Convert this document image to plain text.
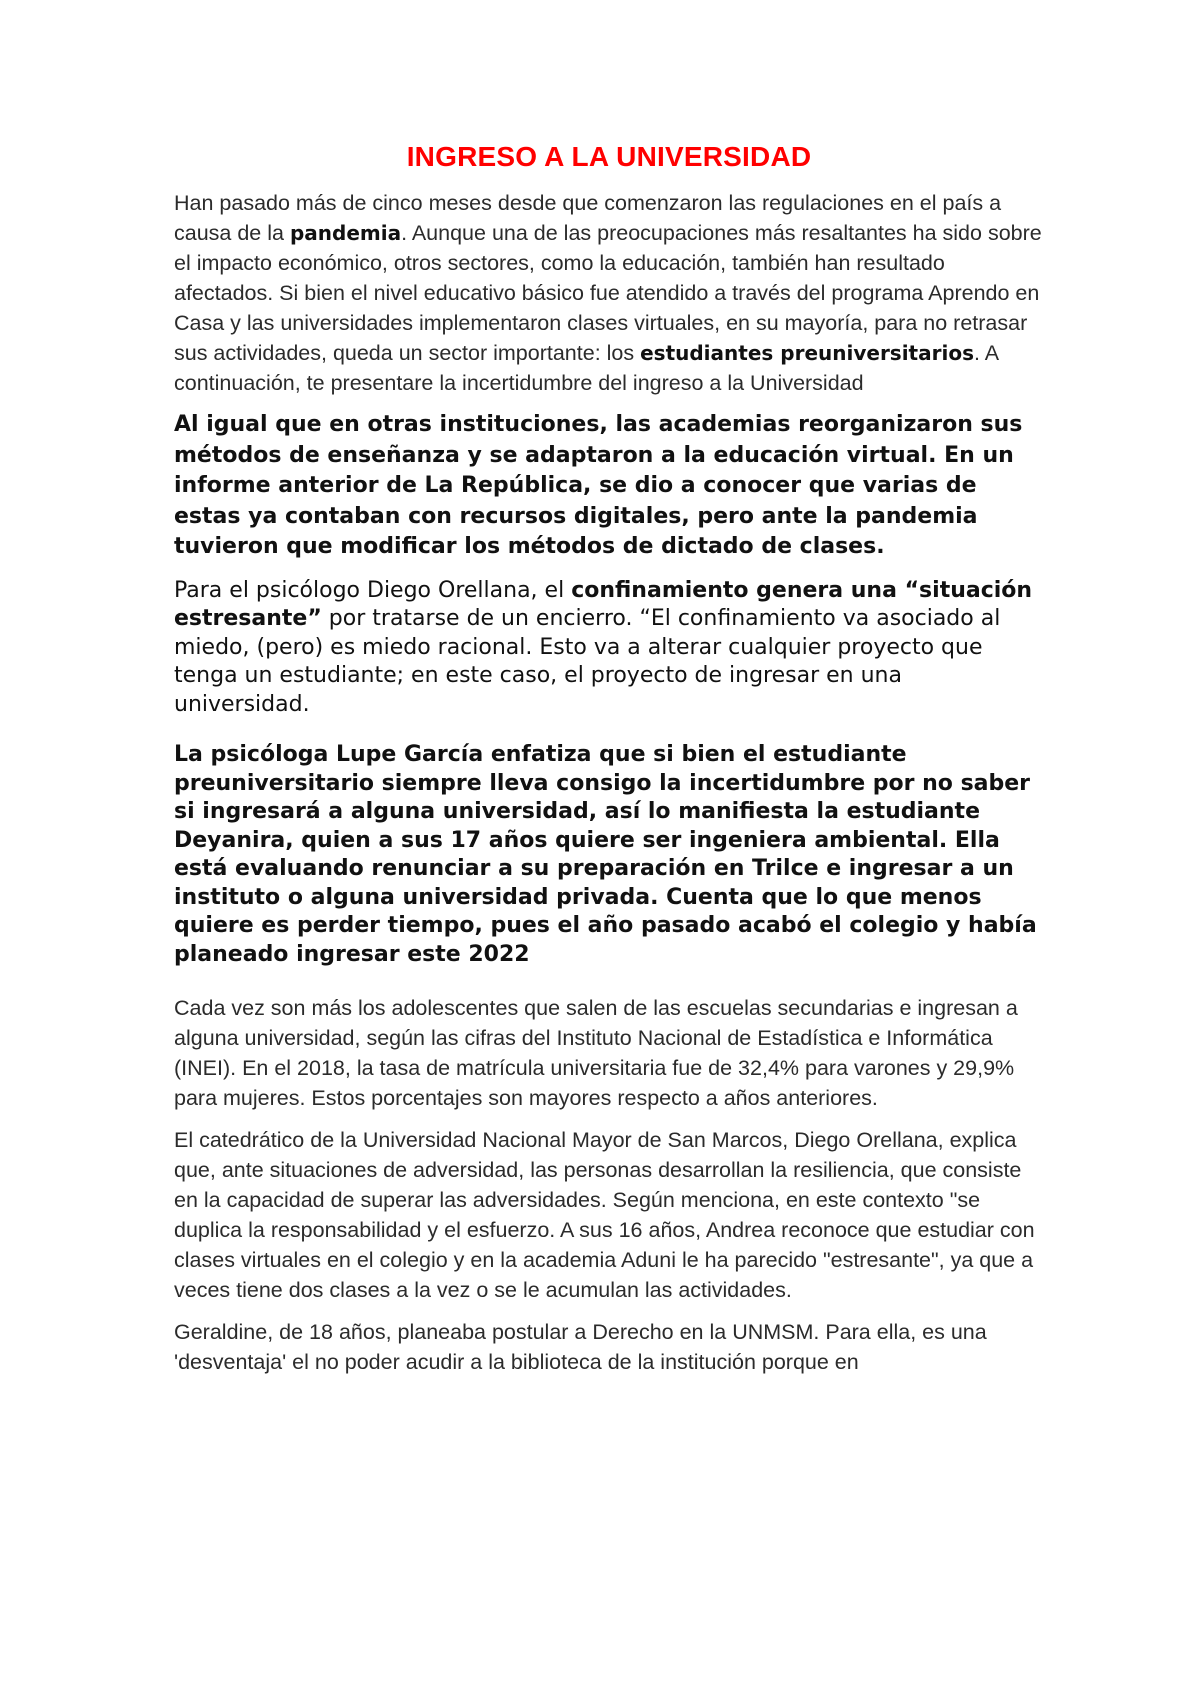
INGRESO A LA UNIVERSIDAD

Han pasado más de cinco meses desde que comenzaron las regulaciones en el país a causa de la pandemia. Aunque una de las preocupaciones más resaltantes ha sido sobre el impacto económico, otros sectores, como la educación, también han resultado afectados. Si bien el nivel educativo básico fue atendido a través del programa Aprendo en Casa y las universidades implementaron clases virtuales, en su mayoría, para no retrasar sus actividades, queda un sector importante: los estudiantes preuniversitarios. A continuación, te presentare la incertidumbre del ingreso a la Universidad

Al igual que en otras instituciones, las academias reorganizaron sus métodos de enseñanza y se adaptaron a la educación virtual. En un informe anterior de La República, se dio a conocer que varias de estas ya contaban con recursos digitales, pero ante la pandemia tuvieron que modificar los métodos de dictado de clases.

Para el psicólogo Diego Orellana, el confinamiento genera una “situación estresante” por tratarse de un encierro. “El confinamiento va asociado al miedo, (pero) es miedo racional. Esto va a alterar cualquier proyecto que tenga un estudiante; en este caso, el proyecto de ingresar en una universidad.

La psicóloga Lupe García enfatiza que si bien el estudiante preuniversitario siempre lleva consigo la incertidumbre por no saber si ingresará a alguna universidad, así lo manifiesta la estudiante Deyanira, quien a sus 17 años quiere ser ingeniera ambiental. Ella está evaluando renunciar a su preparación en Trilce e ingresar a un instituto o alguna universidad privada. Cuenta que lo que menos quiere es perder tiempo, pues el año pasado acabó el colegio y había planeado ingresar este 2022

Cada vez son más los adolescentes que salen de las escuelas secundarias e ingresan a alguna universidad, según las cifras del Instituto Nacional de Estadística e Informática (INEI). En el 2018, la tasa de matrícula universitaria fue de 32,4% para varones y 29,9% para mujeres. Estos porcentajes son mayores respecto a años anteriores.

El catedrático de la Universidad Nacional Mayor de San Marcos, Diego Orellana, explica que, ante situaciones de adversidad, las personas desarrollan la resiliencia, que consiste en la capacidad de superar las adversidades. Según menciona, en este contexto "se duplica la responsabilidad y el esfuerzo. A sus 16 años, Andrea reconoce que estudiar con clases virtuales en el colegio y en la academia Aduni le ha parecido "estresante", ya que a veces tiene dos clases a la vez o se le acumulan las actividades.

Geraldine, de 18 años, planeaba postular a Derecho en la UNMSM. Para ella, es una 'desventaja' el no poder acudir a la biblioteca de la institución porque en
